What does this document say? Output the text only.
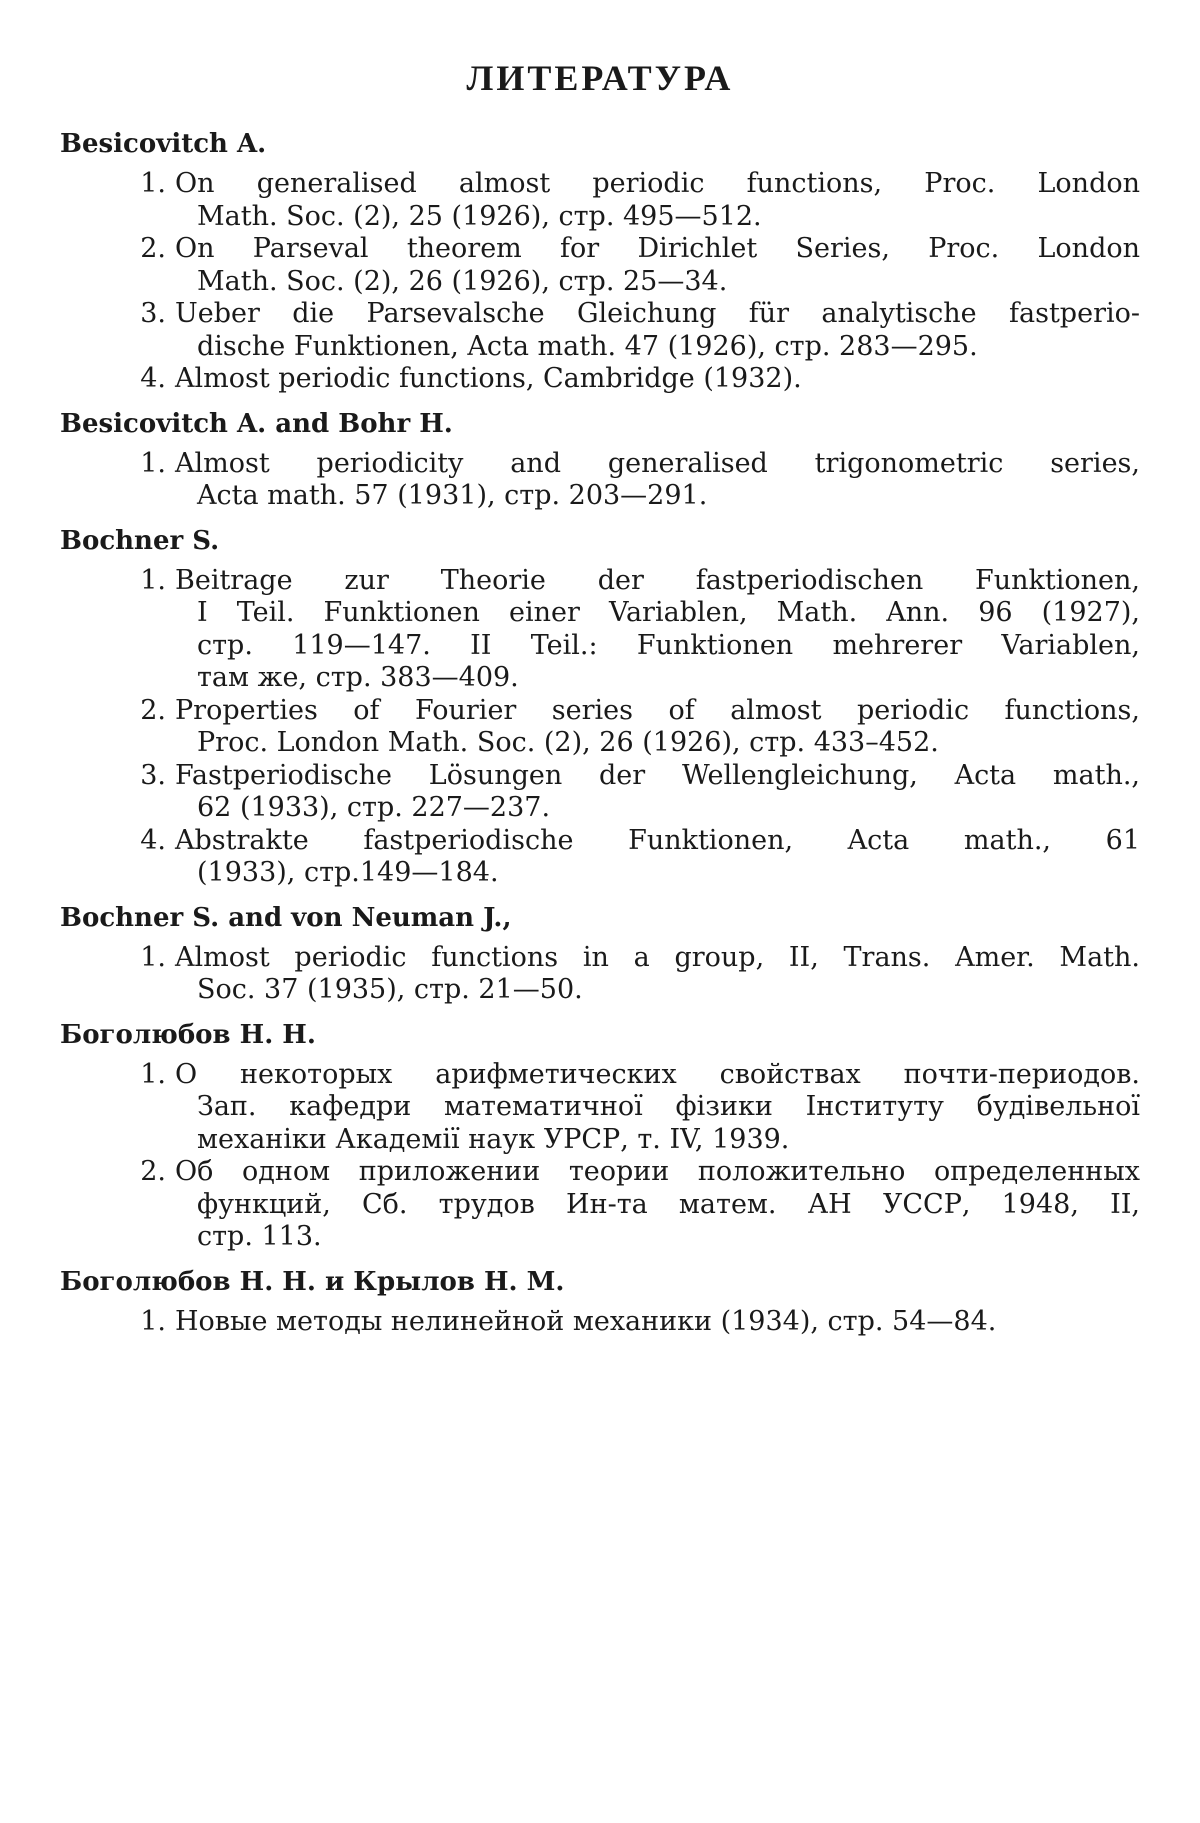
ЛИТЕРАТУРА
Besicovitch A.
1. On generalised almost periodic functions, Proc. London
Math. Soc. (2), 25 (1926), стр. 495—512.
2. On Parseval theorem for Dirichlet Series, Proc. London
Math. Soc. (2), 26 (1926), стр. 25—34.
3. Ueber die Parsevalsche Gleichung für analytische fastperio-
dische Funktionen, Acta math. 47 (1926), стр. 283—295.
4. Almost periodic functions, Cambridge (1932).
Besicovitch A. and Bohr H.
1. Almost periodicity and generalised trigonometric series,
Acta math. 57 (1931), стр. 203—291.
Bochner S.
1. Beitrage zur Theorie der fastperiodischen Funktionen,
I Teil. Funktionen einer Variablen, Math. Ann. 96 (1927),
стр. 119—147. II Teil.: Funktionen mehrerer Variablen,
там же, стр. 383—409.
2. Properties of Fourier series of almost periodic functions,
Proc. London Math. Soc. (2), 26 (1926), стр. 433–452.
3. Fastperiodische Lösungen der Wellengleichung, Acta math.,
62 (1933), стр. 227—237.
4. Abstrakte fastperiodische Funktionen, Acta math., 61
(1933), стр.149—184.
Bochner S. and von Neuman J.,
1. Almost periodic functions in a group, II, Trans. Amer. Math.
Soc. 37 (1935), стр. 21—50.
Боголюбов Н. Н.
1. О некоторых арифметических свойствах почти-периодов.
Зап. кафедри математичної фізики Інституту будівельної
механіки Академії наук УРСР, т. IV, 1939.
2. Об одном приложении теории положительно определенных
функций, Сб. трудов Ин-та матем. АН УССР, 1948, II,
стр. 113.
Боголюбов Н. Н. и Крылов Н. М.
1. Новые методы нелинейной механики (1934), стр. 54—84.
